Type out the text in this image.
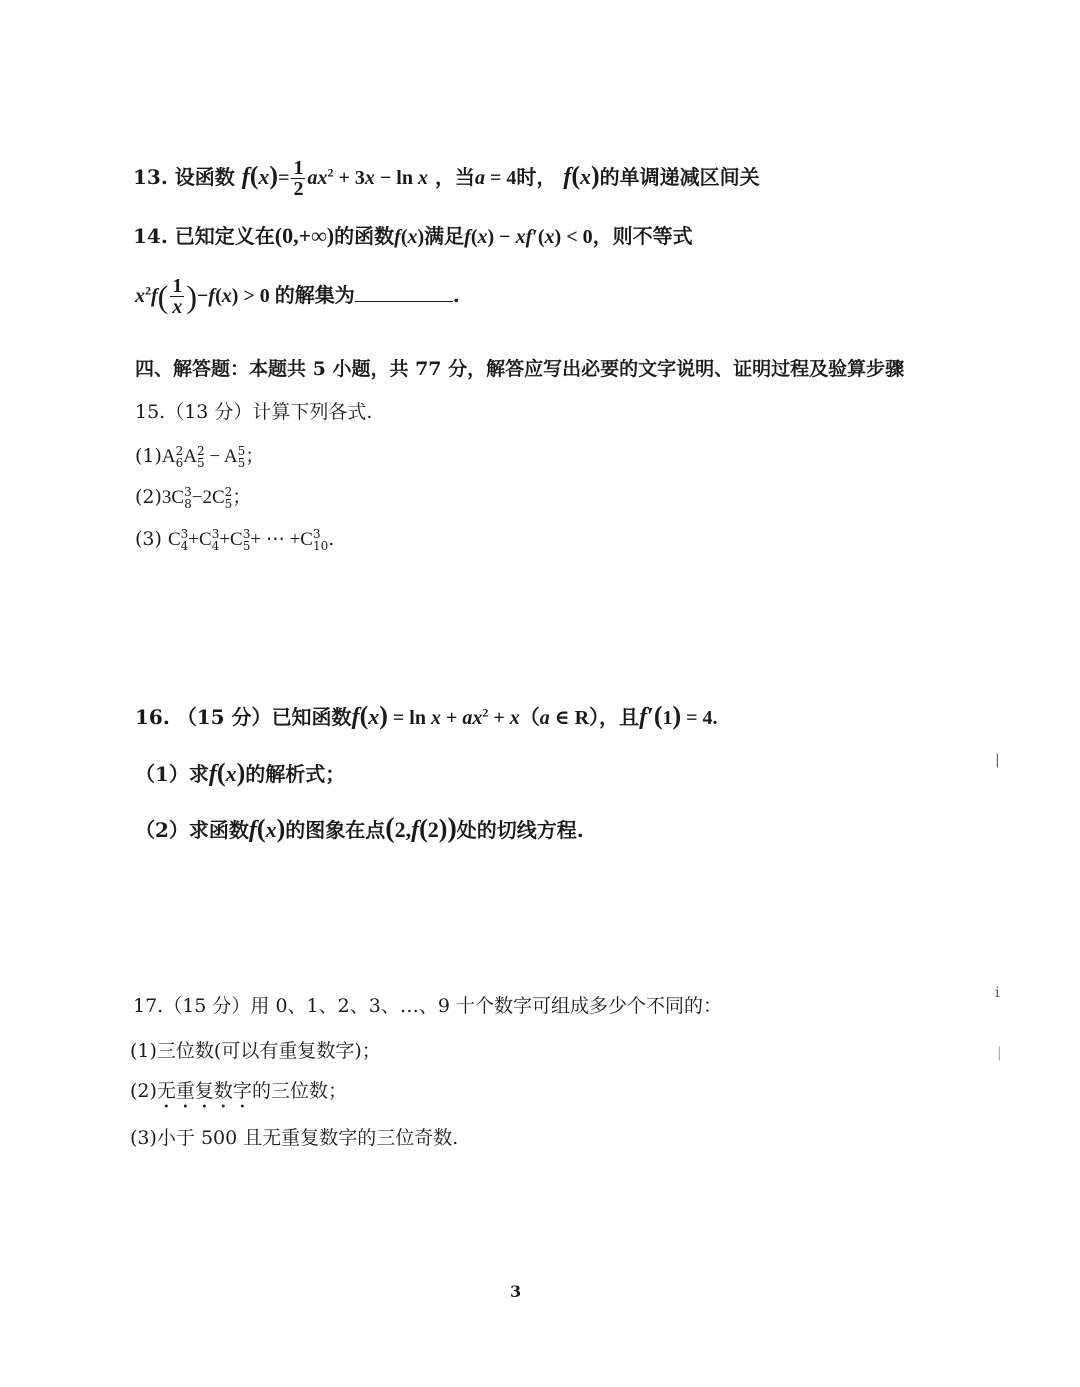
13. 设函数 $f(x)= \frac{1}{2} ax^2 + 3x - \ln x$ ，当a = 4时， f(x)的单调递减区间关
14. 已知定义在(0,+∞)的函数f(x)满足f(x) − xf′(x) < 0，则不等式
$x^2f( \frac{1}{x} )-f(x) > 0$ 的解集为	.
四、解答题：本题共 5 小题，共 77 分，解答应写出必要的文字说明、证明过程及验算步骤
15.（13 分）计算下列各式.
(1)A 2
6 A 2
5 − A 5
5 ；
(2)3C 3
8 −2C 2
5 ；
(3) C 3
4 +C 3
4 +C 3
5 + ⋯ +C 3
10 .
16. （15 分）已知函数$f(x) = \ln x + ax^2 + x(a$ ∈ R），且f′(1) = 4.
（1）求f(x)的解析式；
（2）求函数f(x)的图象在点(2,f(2))处的切线方程.
17.（15 分）用 0、1、2、3、…、9 十个数字可组成多少个不同的：
(1)三位数(可以有重复数字)；
(2)无重复数字的三位数；
(3)小于 500 且无重复数字的三位奇数.
|
i
|
3
